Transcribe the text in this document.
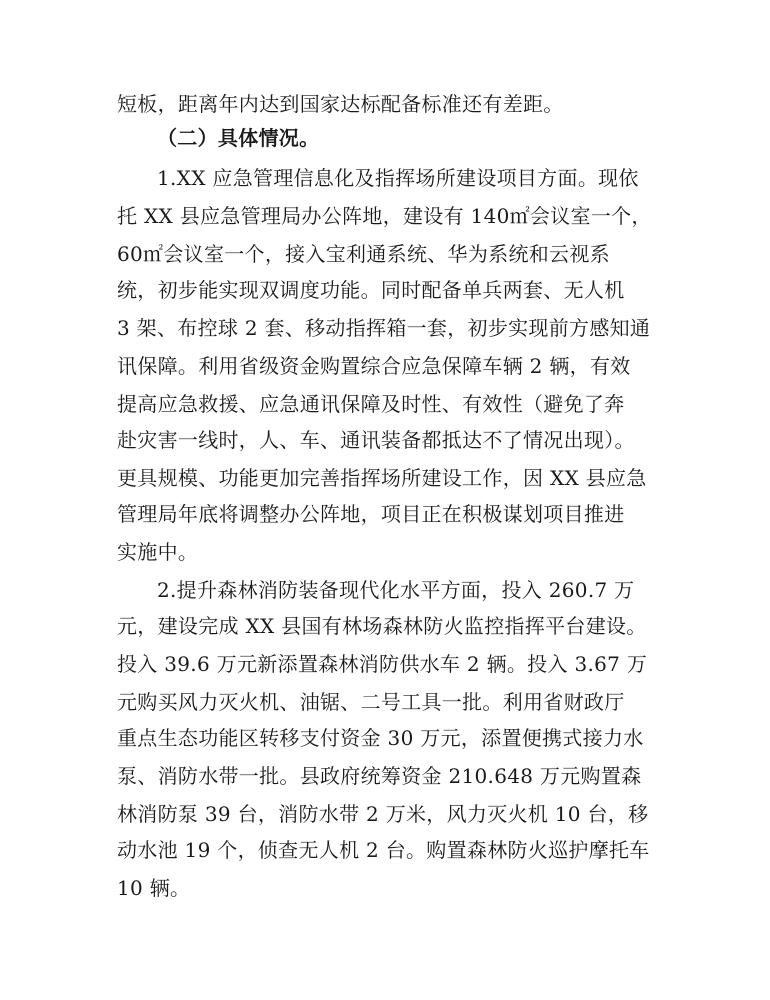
短板，距离年内达到国家达标配备标准还有差距。
（二）具体情况。
1.XX 应急管理信息化及指挥场所建设项目方面。现依
托 XX 县应急管理局办公阵地，建设有 140㎡会议室一个，
60㎡会议室一个，接入宝利通系统、华为系统和云视系
统，初步能实现双调度功能。同时配备单兵两套、无人机
3 架、布控球 2 套、移动指挥箱一套，初步实现前方感知通
讯保障。利用省级资金购置综合应急保障车辆 2 辆，有效
提高应急救援、应急通讯保障及时性、有效性（避免了奔
赴灾害一线时，人、车、通讯装备都抵达不了情况出现）。
更具规模、功能更加完善指挥场所建设工作，因 XX 县应急
管理局年底将调整办公阵地，项目正在积极谋划项目推进
实施中。
2.提升森林消防装备现代化水平方面，投入 260.7 万
元，建设完成 XX 县国有林场森林防火监控指挥平台建设。
投入 39.6 万元新添置森林消防供水车 2 辆。投入 3.67 万
元购买风力灭火机、油锯、二号工具一批。利用省财政厅
重点生态功能区转移支付资金 30 万元，添置便携式接力水
泵、消防水带一批。县政府统筹资金 210.648 万元购置森
林消防泵 39 台，消防水带 2 万米，风力灭火机 10 台，移
动水池 19 个，侦查无人机 2 台。购置森林防火巡护摩托车
10 辆。
